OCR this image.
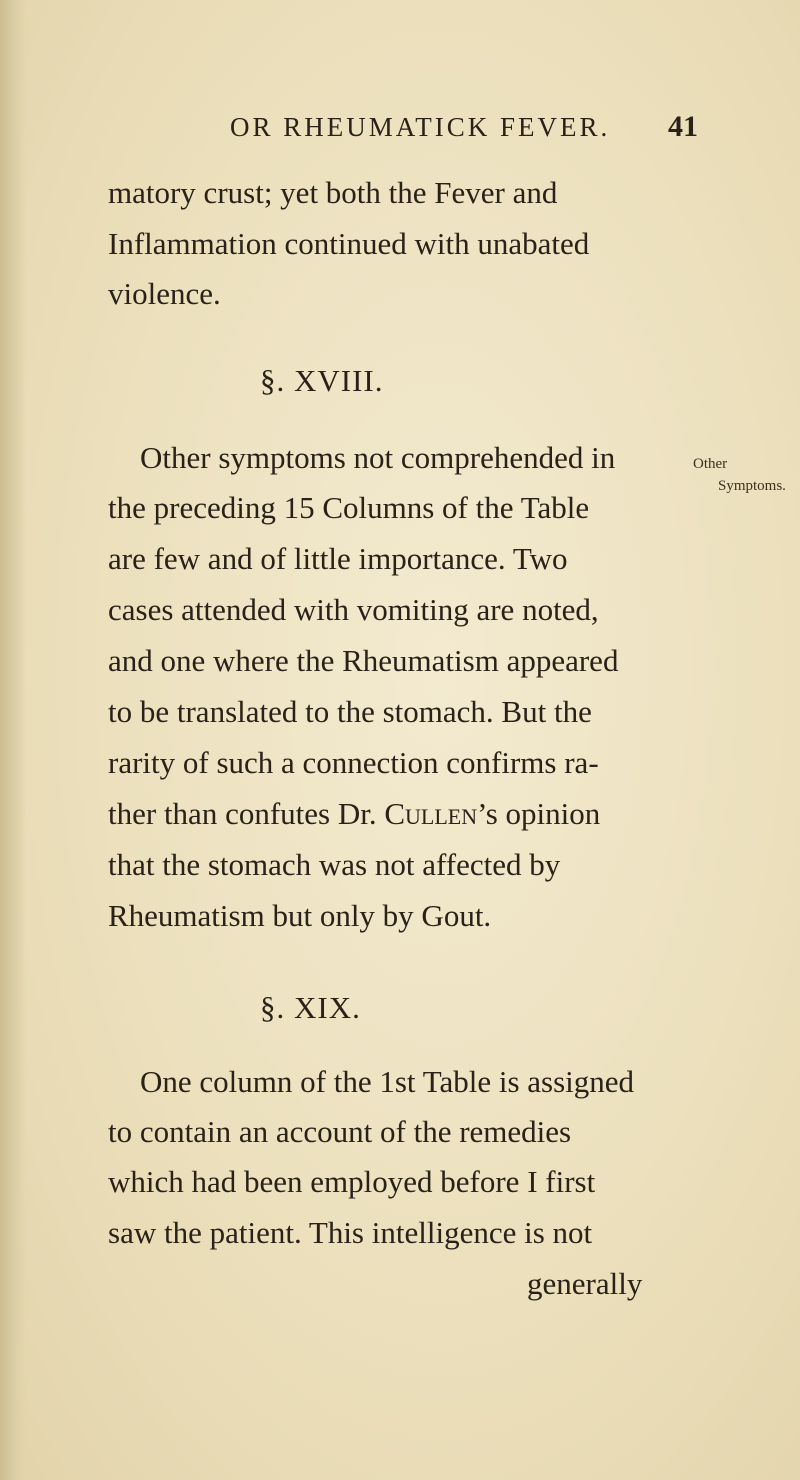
OR RHEUMATICK FEVER. 41
matory crust; yet both the Fever and
Inflammation continued with unabated
violence.
§. XVIII.
Other symptoms not comprehended in	Other
Symptoms.
the preceding 15 Columns of the Table
are few and of little importance. Two
cases attended with vomiting are noted,
and one where the Rheumatism appeared
to be translated to the stomach. But the
rarity of such a connection confirms ra-
ther than confutes Dr. Cullen’s opinion
that the stomach was not affected by
Rheumatism but only by Gout.
§. XIX.
One column of the 1st Table is assigned
to contain an account of the remedies
which had been employed before I first
saw the patient. This intelligence is not
generally
